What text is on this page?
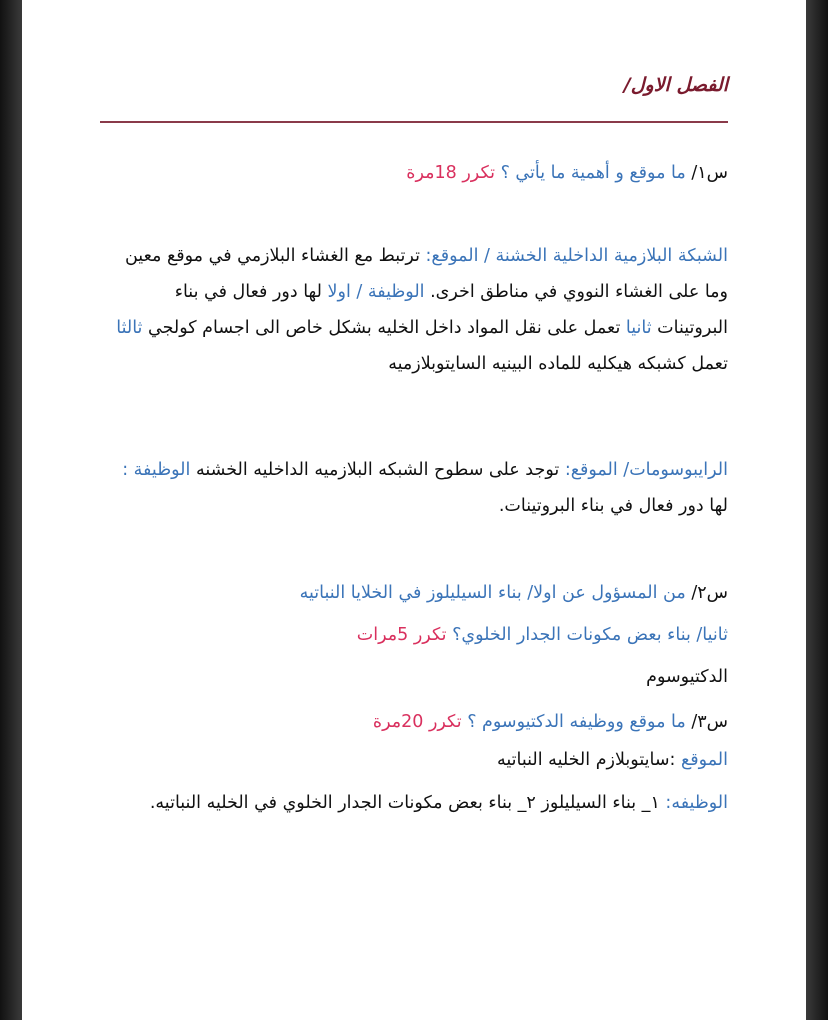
الفصل الاول/
س١/ ما موقع و أهمية ما يأتي ؟ تكرر 18مرة
الشبكة البلازمية الداخلية الخشنة / الموقع: ترتبط مع الغشاء البلازمي في موقع معين وما على الغشاء النووي في مناطق اخرى. الوظيفة / اولا لها دور فعال في بناء البروتينات ثانيا تعمل على نقل المواد داخل الخليه بشكل خاص الى اجسام كولجي ثالثا تعمل كشبكه هيكليه للماده البينيه السايتوبلازميه
الرايبوسومات/ الموقع: توجد على سطوح الشبكه البلازميه الداخليه الخشنه الوظيفة : لها دور فعال في بناء البروتينات.
س٢/ من المسؤول عن اولا/ بناء السيليلوز في الخلايا النباتيه
ثانيا/ بناء بعض مكونات الجدار الخلوي؟ تكرر 5مرات
الدكتيوسوم
س٣/ ما موقع ووظيفه الدكتيوسوم ؟ تكرر 20مرة
الموقع :سايتوبلازم الخليه النباتيه
الوظيفه: ١_ بناء السيليلوز ٢_ بناء بعض مكونات الجدار الخلوي في الخليه النباتيه.
